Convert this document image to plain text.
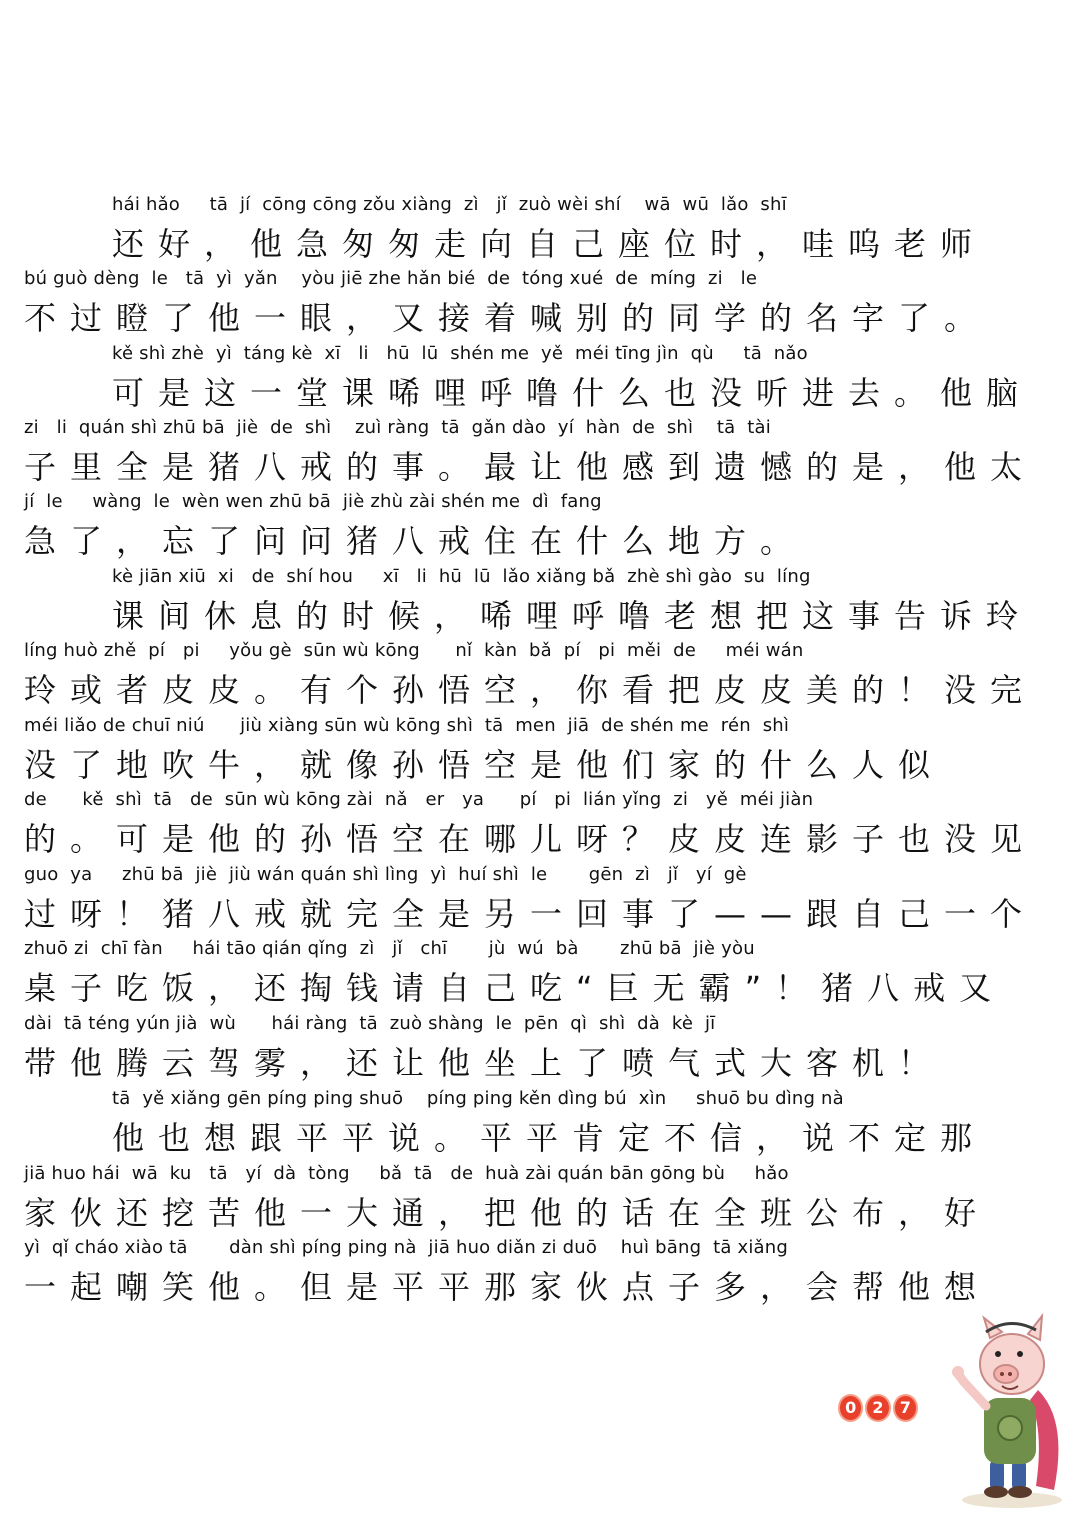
hái hǎo     tā  jí  cōng cōng zǒu xiàng  zì   jǐ  zuò wèi shí    wā  wū  lǎo  shī
还好，他急匆匆走向自己座位时，哇呜老师
bú guò dèng  le   tā  yì  yǎn    yòu jiē zhe hǎn bié  de  tóng xué  de  míng  zi   le
不过瞪了他一眼，又接着喊别的同学的名字了。
kě shì zhè  yì  táng kè  xī   li   hū  lū  shén me  yě  méi tīng jìn  qù     tā  nǎo
可是这一堂课唏哩呼噜什么也没听进去。他脑
zi   li  quán shì zhū bā  jiè  de  shì    zuì ràng  tā  gǎn dào  yí  hàn  de  shì    tā  tài
子里全是猪八戒的事。最让他感到遗憾的是，他太
jí  le     wàng  le  wèn wen zhū bā  jiè zhù zài shén me  dì  fang
急了，忘了问问猪八戒住在什么地方。
kè jiān xiū  xi   de  shí hou     xī   li  hū  lū  lǎo xiǎng bǎ  zhè shì gào  su  líng
课间休息的时候，唏哩呼噜老想把这事告诉玲
líng huò zhě  pí   pi     yǒu gè  sūn wù kōng      nǐ  kàn  bǎ  pí   pi  měi  de     méi wán
玲或者皮皮。有个孙悟空，你看把皮皮美的！没完
méi liǎo de chuī niú      jiù xiàng sūn wù kōng shì  tā  men  jiā  de shén me  rén  shì
没了地吹牛，就像孙悟空是他们家的什么人似
de      kě  shì  tā   de  sūn wù kōng zài  nǎ   er   ya      pí   pi  lián yǐng  zi   yě  méi jiàn
的。可是他的孙悟空在哪儿呀？皮皮连影子也没见
guo  ya     zhū bā  jiè  jiù wán quán shì lìng  yì  huí shì  le       gēn  zì   jǐ   yí  gè
过呀！猪八戒就完全是另一回事了——跟自己一个
zhuō zi  chī fàn     hái tāo qián qǐng  zì   jǐ   chī       jù  wú  bà       zhū bā  jiè yòu
桌子吃饭，还掏钱请自己吃“巨无霸”！猪八戒又
dài  tā téng yún jià  wù      hái ràng  tā  zuò shàng  le  pēn  qì  shì  dà  kè  jī
带他腾云驾雾，还让他坐上了喷气式大客机！
tā  yě xiǎng gēn píng ping shuō    píng ping kěn dìng bú  xìn     shuō bu dìng nà
他也想跟平平说。平平肯定不信，说不定那
jiā huo hái  wā  ku   tā   yí  dà  tòng     bǎ  tā   de  huà zài quán bān gōng bù     hǎo
家伙还挖苦他一大通，把他的话在全班公布，好
yì  qǐ cháo xiào tā       dàn shì píng ping nà  jiā huo diǎn zi duō    huì bāng  tā xiǎng
一起嘲笑他。但是平平那家伙点子多，会帮他想
0	2	7
